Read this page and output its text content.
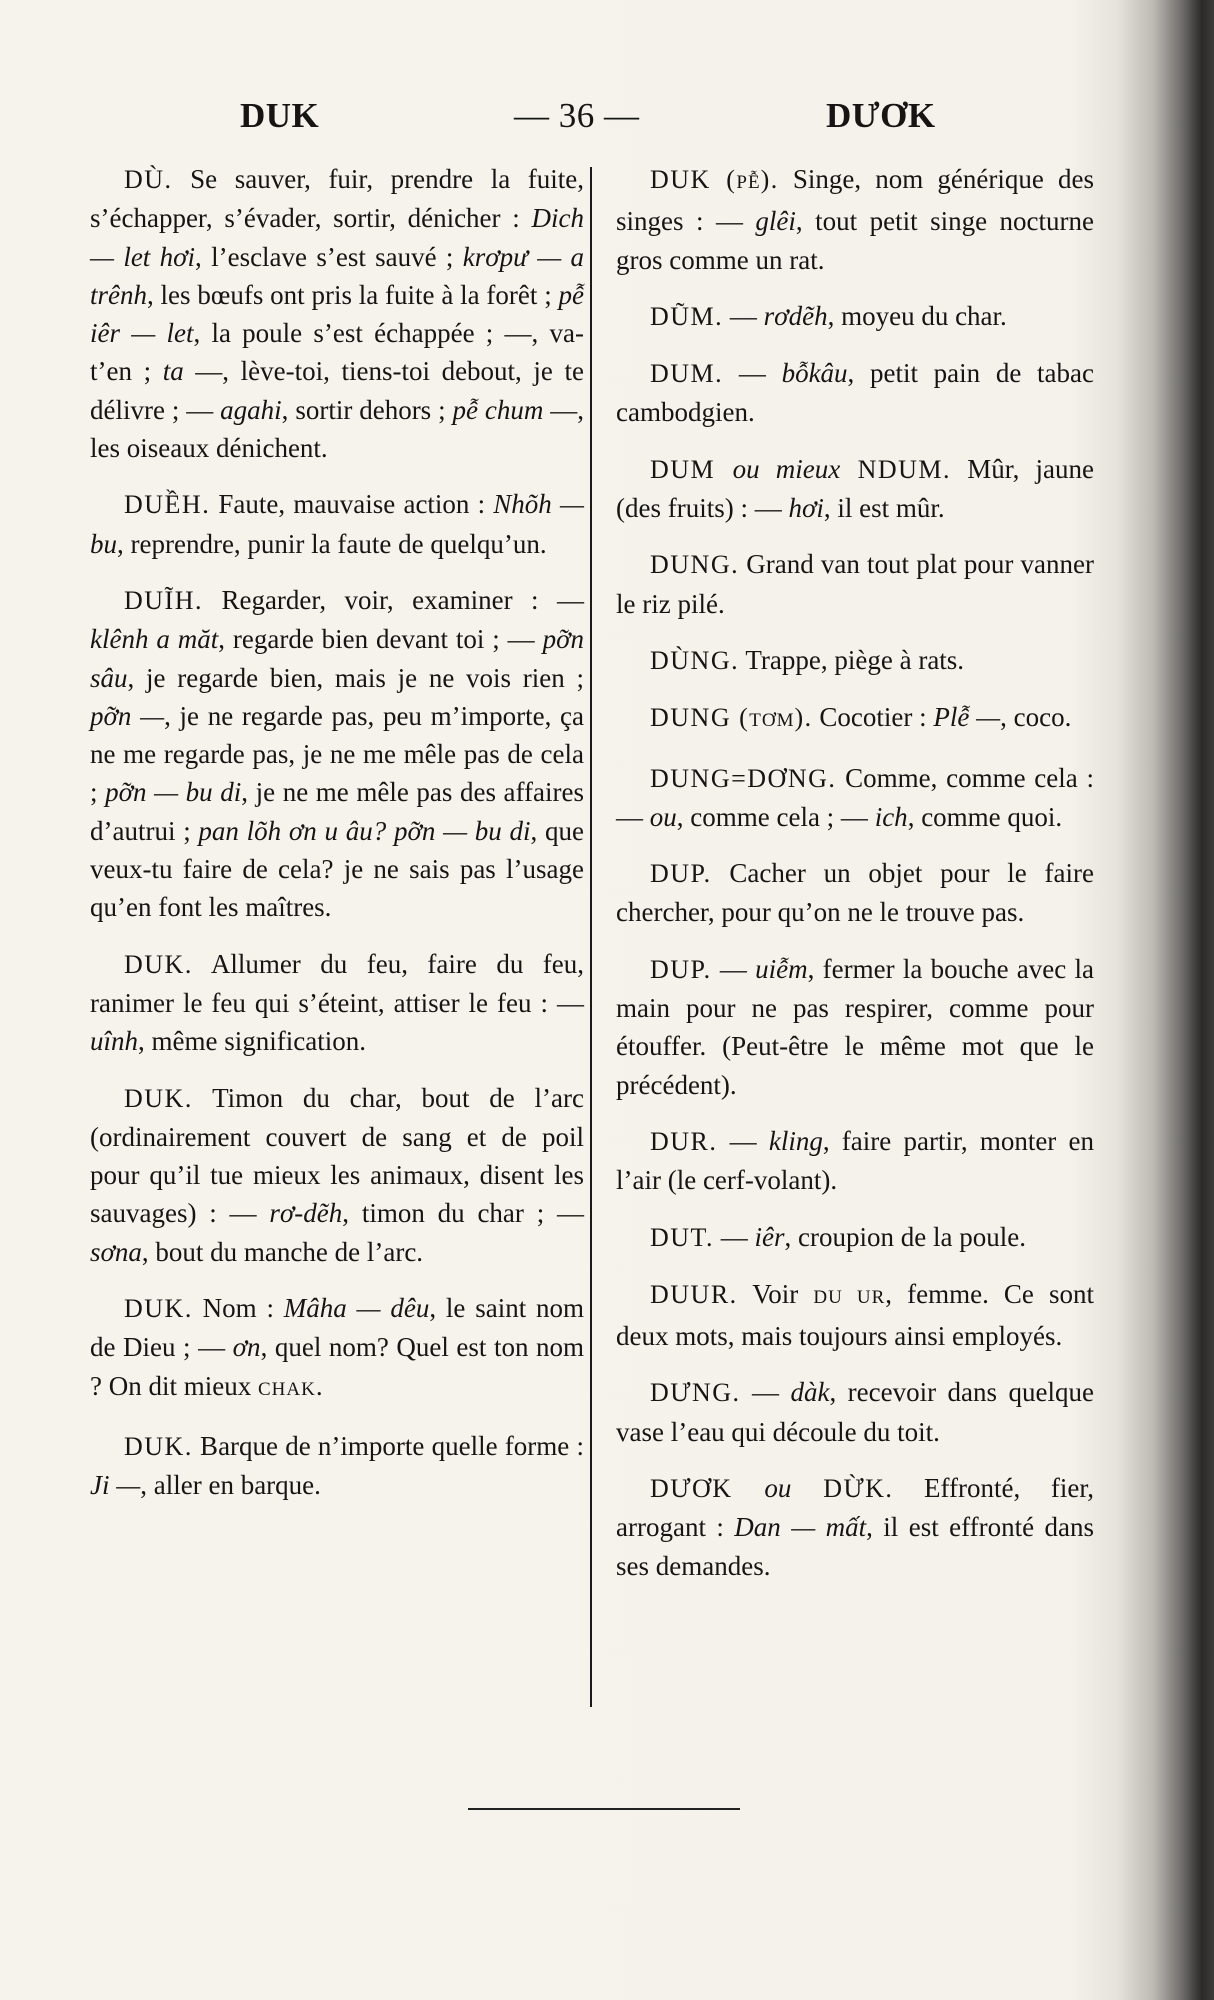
DUK	— 36 —	DƯƠK

DÙ. Se sauver, fuir, prendre la fuite, s’échapper, s’évader, sortir, dénicher : Dich — let hơi, l’esclave s’est sauvé ; krơpư — a trênh, les bœufs ont pris la fuite à la forêt ; pễ iêr — let, la poule s’est échappée ; —, va-t’en ; ta —, lève-toi, tiens-toi debout, je te délivre ; — agahi, sortir dehors ; pễ chum —, les oiseaux dénichent.

DUỀH. Faute, mauvaise action : Nhõh — bu, reprendre, punir la faute de quelqu’un.

DUĨH. Regarder, voir, examiner : — klênh a măt, regarde bien devant toi ; — pỡn sâu, je regarde bien, mais je ne vois rien ; pỡn —, je ne regarde pas, peu m’importe, ça ne me regarde pas, je ne me mêle pas de cela ; pỡn — bu di, je ne me mêle pas des affaires d’autrui ; pan lõh ơn u âu? pỡn — bu di, que veux-tu faire de cela? je ne sais pas l’usage qu’en font les maîtres.

DUK. Allumer du feu, faire du feu, ranimer le feu qui s’éteint, attiser le feu : — uînh, même signification.

DUK. Timon du char, bout de l’arc (ordinairement couvert de sang et de poil pour qu’il tue mieux les animaux, disent les sauvages) : — rơ-dẽh, timon du char ; — sơna, bout du manche de l’arc.

DUK. Nom : Mâha — dêu, le saint nom de Dieu ; — ơn, quel nom? Quel est ton nom ? On dit mieux CHAK.

DUK. Barque de n’importe quelle forme : Ji —, aller en barque.

DUK (PỄ). Singe, nom générique des singes : — glêi, tout petit singe nocturne gros comme un rat.

DŨM. — rơdẽh, moyeu du char.

DUM. — bỗkâu, petit pain de tabac cambodgien.

DUM ou mieux NDUM. Mûr, jaune (des fruits) : — hơi, il est mûr.

DUNG. Grand van tout plat pour vanner le riz pilé.

DÙNG. Trappe, piège à rats.

DUNG (TƠM). Cocotier : Plễ —, coco.

DUNG=DƠNG. Comme, comme cela : — ou, comme cela ; — ich, comme quoi.

DUP. Cacher un objet pour le faire chercher, pour qu’on ne le trouve pas.

DUP. — uiễm, fermer la bouche avec la main pour ne pas respirer, comme pour étouffer. (Peut-être le même mot que le précédent).

DUR. — kling, faire partir, monter en l’air (le cerf-volant).

DUT. — iêr, croupion de la poule.

DUUR. Voir DU UR, femme. Ce sont deux mots, mais toujours ainsi employés.

DƯNG. — dàk, recevoir dans quelque vase l’eau qui découle du toit.

DƯƠK ou DỪK. Effronté, fier, arrogant : Dan — mất, il est effronté dans ses demandes.
